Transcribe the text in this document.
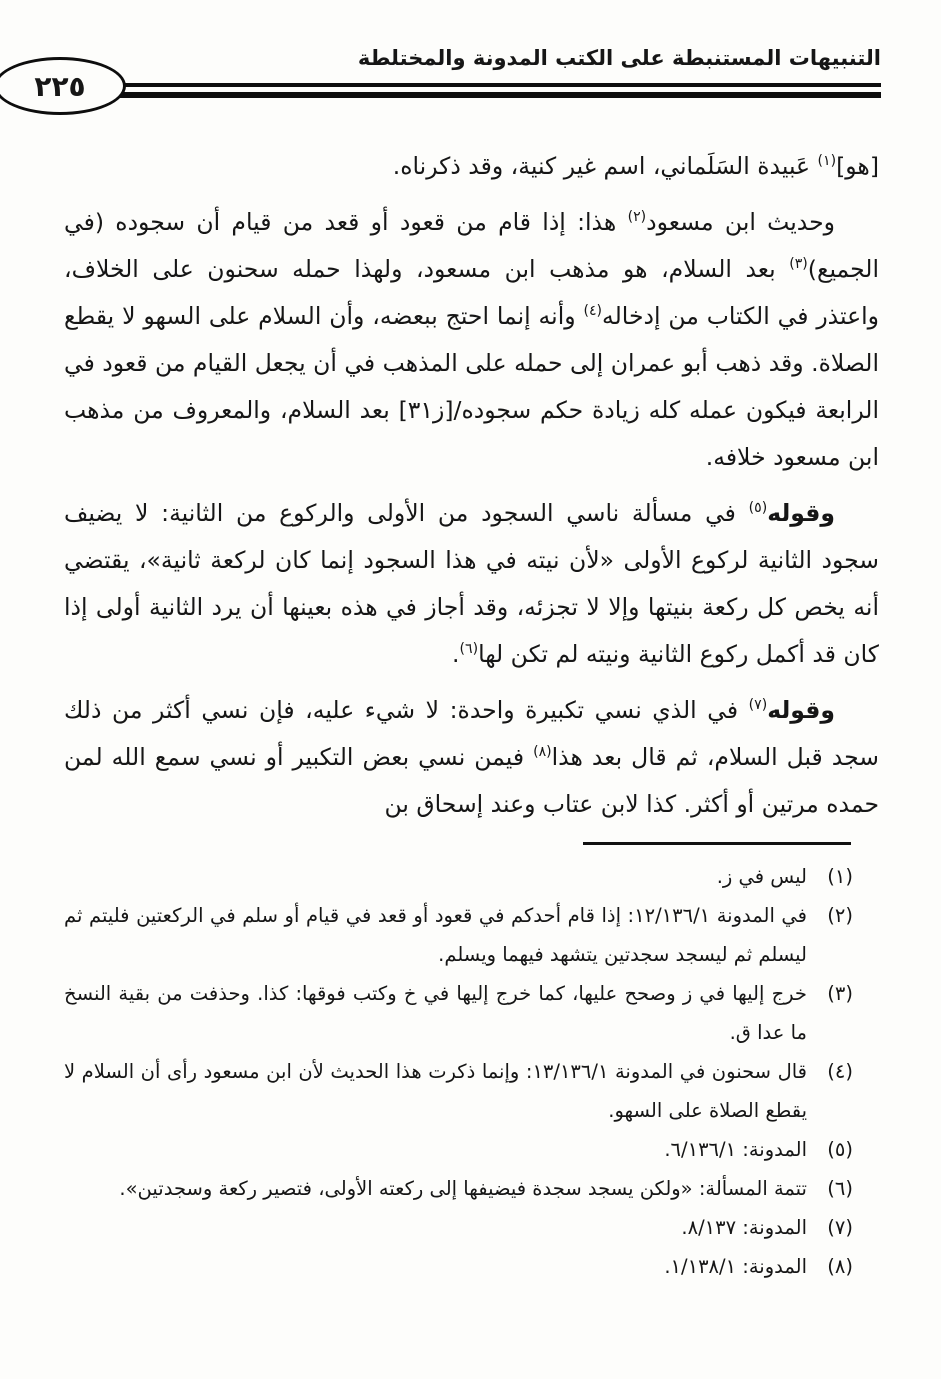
التنبيهات المستنبطة على الكتب المدونة والمختلطة
٢٢٥

[هو]$^{(١)}$ عَبيدة السَلَماني، اسم غير كنية، وقد ذكرناه.

وحديث ابن مسعود$^{(٢)}$ هذا: إذا قام من قعود أو قعد من قيام أن سجوده (في الجميع)$^{(٣)}$ بعد السلام، هو مذهب ابن مسعود، ولهذا حمله سحنون على الخلاف، واعتذر في الكتاب من إدخاله$^{(٤)}$ وأنه إنما احتج ببعضه، وأن السلام على السهو لا يقطع الصلاة. وقد ذهب أبو عمران إلى حمله على المذهب في أن يجعل القيام من قعود في الرابعة فيكون عمله كله زيادة حكم سجوده/[ز٣١] بعد السلام، والمعروف من مذهب ابن مسعود خلافه.

وقوله$^{(٥)}$ في مسألة ناسي السجود من الأولى والركوع من الثانية: لا يضيف سجود الثانية لركوع الأولى «لأن نيته في هذا السجود إنما كان لركعة ثانية»، يقتضي أنه يخص كل ركعة بنيتها وإلا لا تجزئه، وقد أجاز في هذه بعينها أن يرد الثانية أولى إذا كان قد أكمل ركوع الثانية ونيته لم تكن لها$^{(٦)}$.

وقوله$^{(٧)}$ في الذي نسي تكبيرة واحدة: لا شيء عليه، فإن نسي أكثر من ذلك سجد قبل السلام، ثم قال بعد هذا$^{(٨)}$ فيمن نسي بعض التكبير أو نسي سمع الله لمن حمده مرتين أو أكثر. كذا لابن عتاب وعند إسحاق بن

(١)
ليس في ز.
(٢)
في المدونة ١٢/١٣٦/١: إذا قام أحدكم في قعود أو قعد في قيام أو سلم في الركعتين فليتم ثم ليسلم ثم ليسجد سجدتين يتشهد فيهما ويسلم.
(٣)
خرج إليها في ز وصحح عليها، كما خرج إليها في خ وكتب فوقها: كذا. وحذفت من بقية النسخ ما عدا ق.
(٤)
قال سحنون في المدونة ١٣/١٣٦/١: وإنما ذكرت هذا الحديث لأن ابن مسعود رأى أن السلام لا يقطع الصلاة على السهو.
(٥)
المدونة: ٦/١٣٦/١.
(٦)
تتمة المسألة: «ولكن يسجد سجدة فيضيفها إلى ركعته الأولى، فتصير ركعة وسجدتين».
(٧)
المدونة: ٨/١٣٧.
(٨)
المدونة: ١/١٣٨/١.
